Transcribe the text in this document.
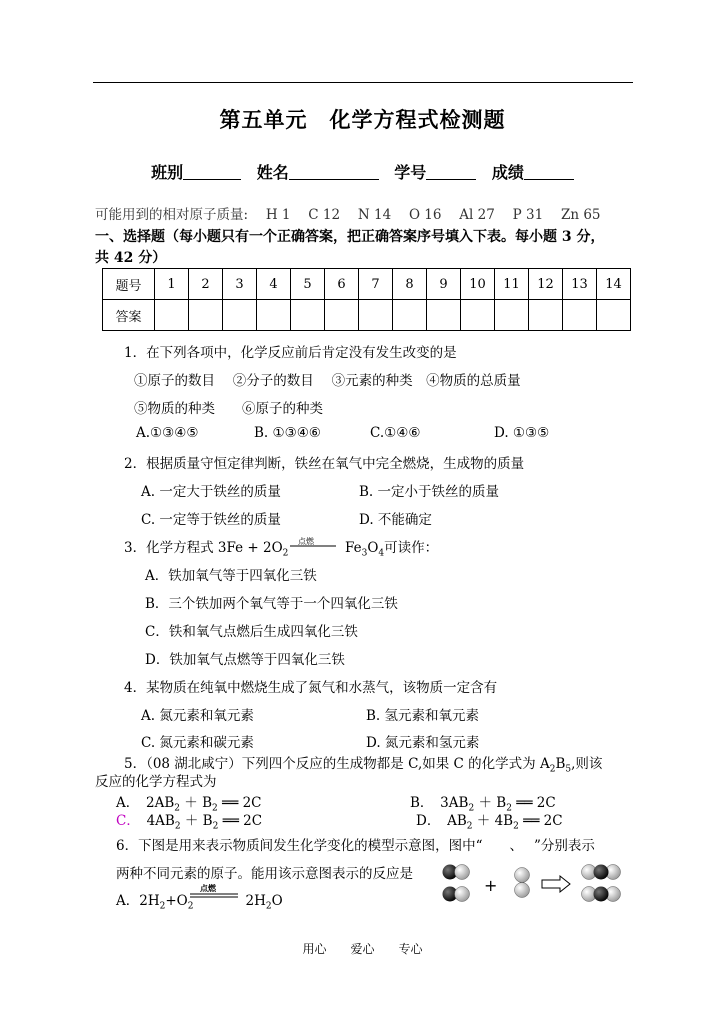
第五单元　化学方程式检测题
班别	姓名	学号	成绩
可能用到的相对原子质量:　 H 1　 C 12　 N 14　 O 16　 Al 27　 P 31　 Zn 65
一、选择题（每小题只有一个正确答案，把正确答案序号填入下表。每小题 3 分，
共 42 分）
题号	1	2	3	4	5	6	7	8	9	10	11	12	13	14
答案														
1．在下列各项中，化学反应前后肯定没有发生改变的是
①原子的数目　 ②分子的数目　 ③元素的种类　④物质的总质量
⑤物质的种类　　⑥原子的种类
A.①③④⑤	B. ①③④⑥	C.①④⑥	D. ①③⑤
2．根据质量守恒定律判断，铁丝在氧气中完全燃烧，生成物的质量
A. 一定大于铁丝的质量	B. 一定小于铁丝的质量
C. 一定等于铁丝的质量	D. 不能确定
3．化学方程式 $3Fe + 2O_2$	$Fe_3O_4$可读作：
点燃
A．铁加氧气等于四氧化三铁
B．三个铁加两个氧气等于一个四氧化三铁
C．铁和氧气点燃后生成四氧化三铁
D．铁加氧气点燃等于四氧化三铁
4．某物质在纯氧中燃烧生成了氮气和水蒸气，该物质一定含有
A. 氮元素和氧元素	B. 氢元素和氧元素
C. 氮元素和碳元素	D. 氮元素和氢元素
5．（08 湖北咸宁）下列四个反应的生成物都是 C,如果 C 的化学式为 $A_2B_5$,则该
反应的化学方程式为
A．　 $2AB_2 + B_2$ ══ 2C	B．　 $3AB_2 + B_2$ ══ 2C
C．　 $4AB_2 + B_2$ ══ 2C	D．　 $AB_2 + 4B_2$ ══ 2C
6．下图是用来表示物质间发生化学变化的模型示意图，图中“　　、　 ”分别表示
两种不同元素的原子。能用该示意图表示的反应是
A．$2H_2+O_2$	$2H_2O$
点燃	+
用心　　爱心　　专心
